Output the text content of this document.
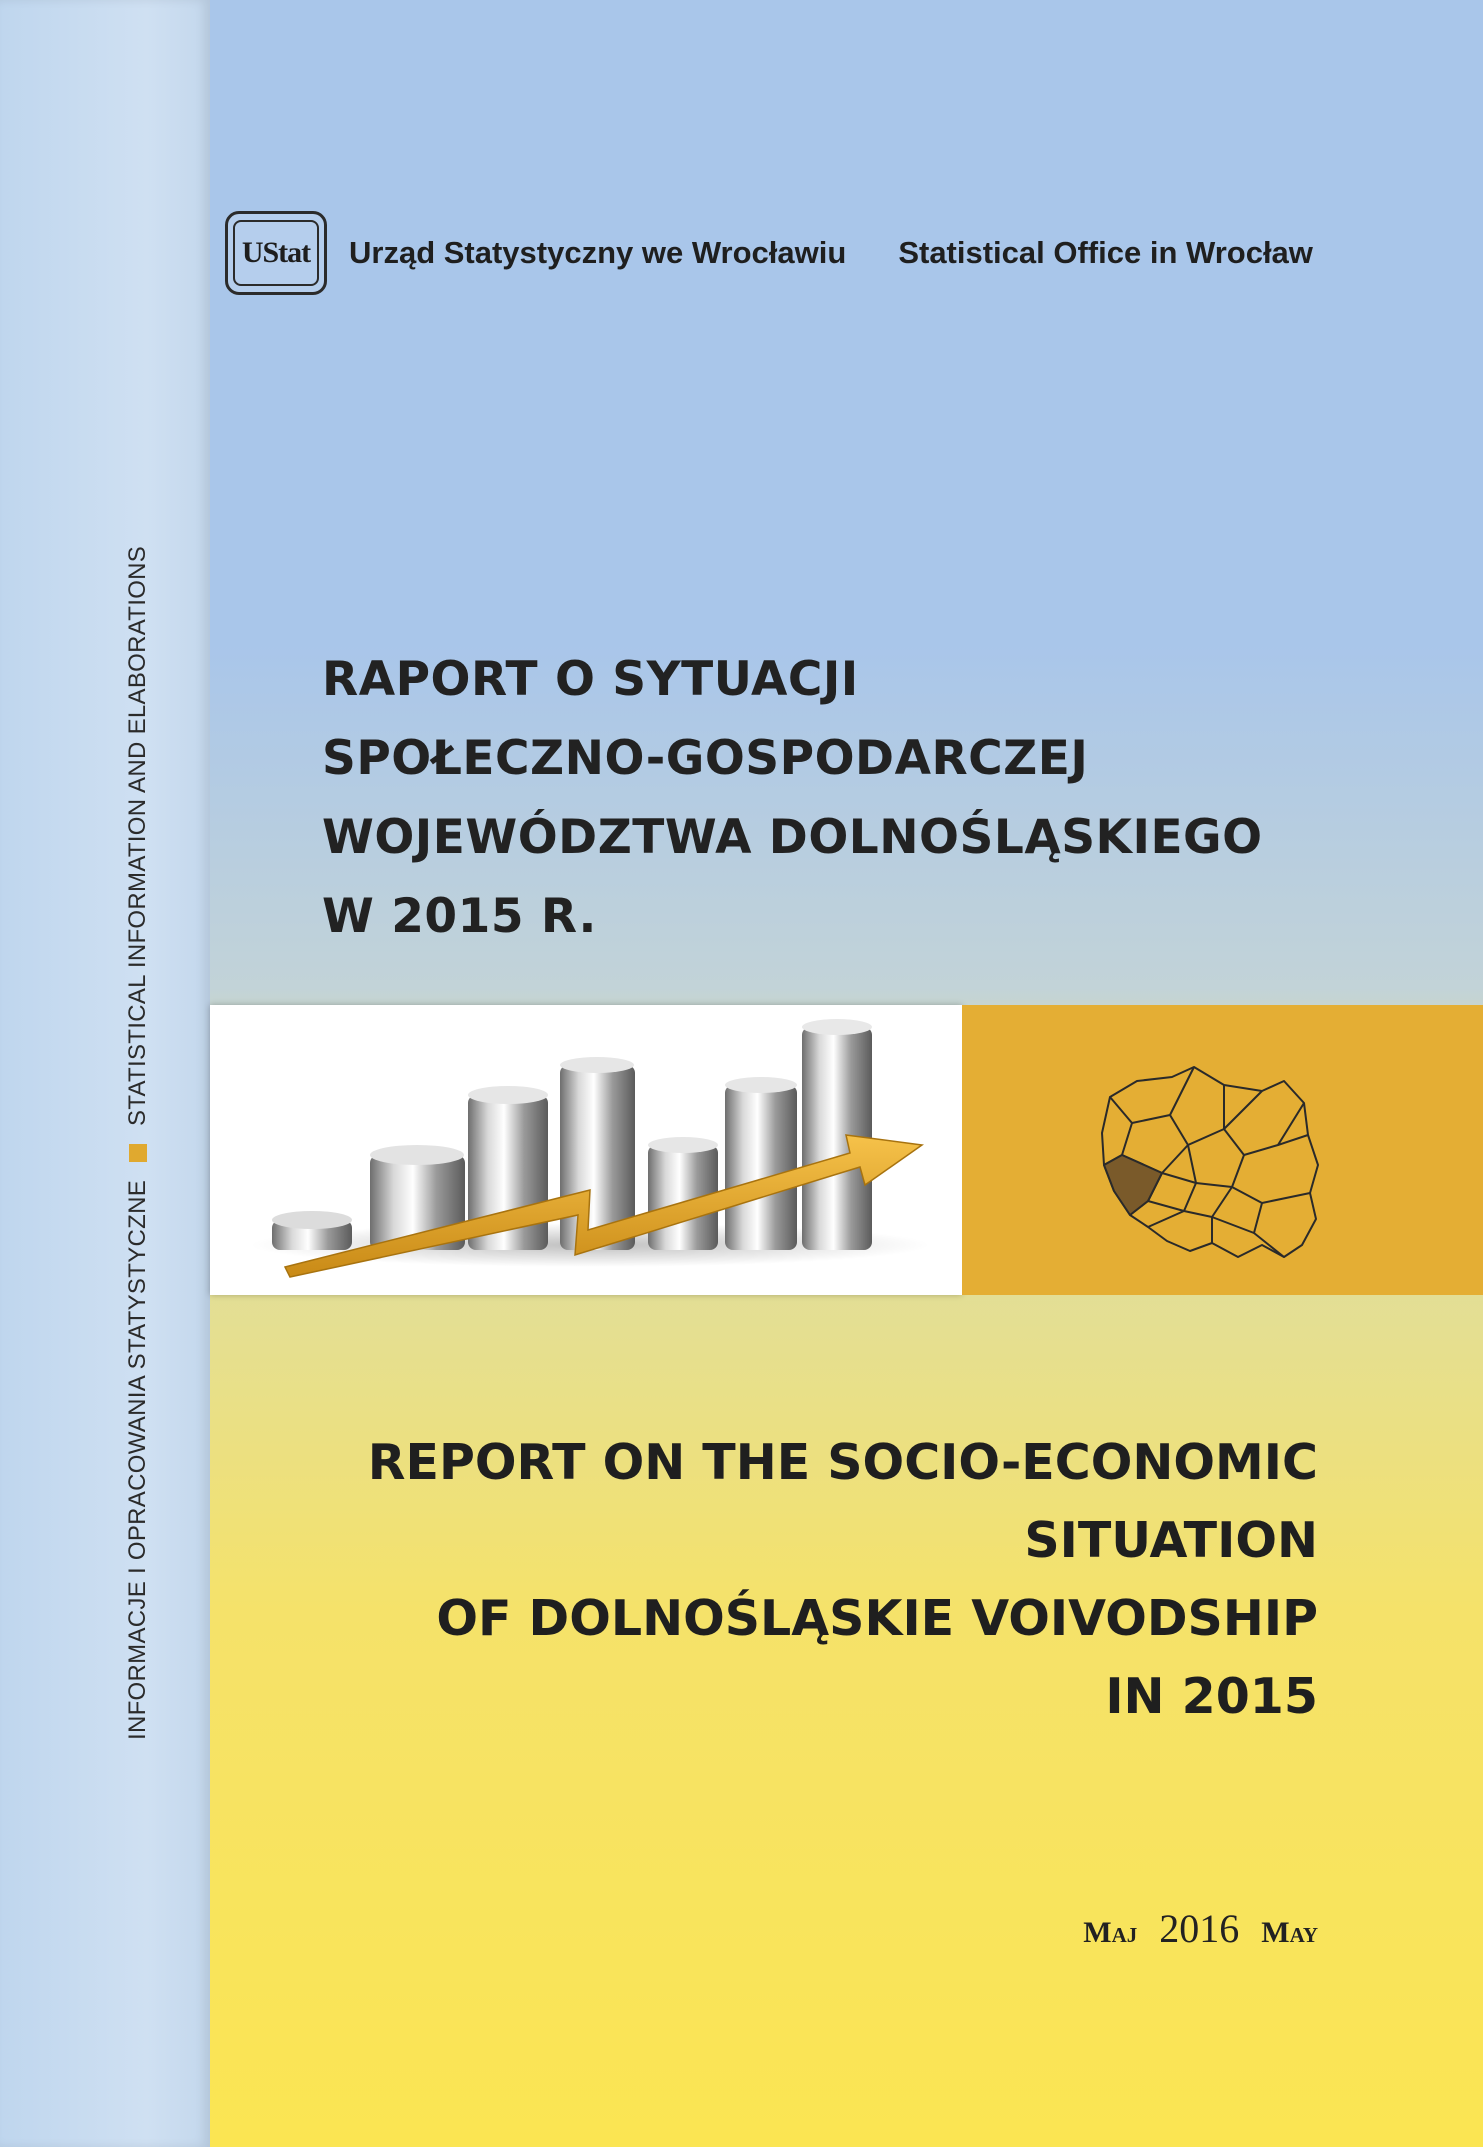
INFORMACJE I OPRACOWANIA STATYSTYCZNE
STATISTICAL INFORMATION AND ELABORATIONS
UStat Urząd Statystyczny we Wrocławiu Statistical Office in Wrocław
RAPORT O SYTUACJI
SPOŁECZNO-GOSPODARCZEJ
WOJEWÓDZTWA DOLNOŚLĄSKIEGO
W 2015 R.
REPORT ON THE SOCIO-ECONOMIC
SITUATION
OF DOLNOŚLĄSKIE VOIVODSHIP
IN 2015
Maj 2016 May
